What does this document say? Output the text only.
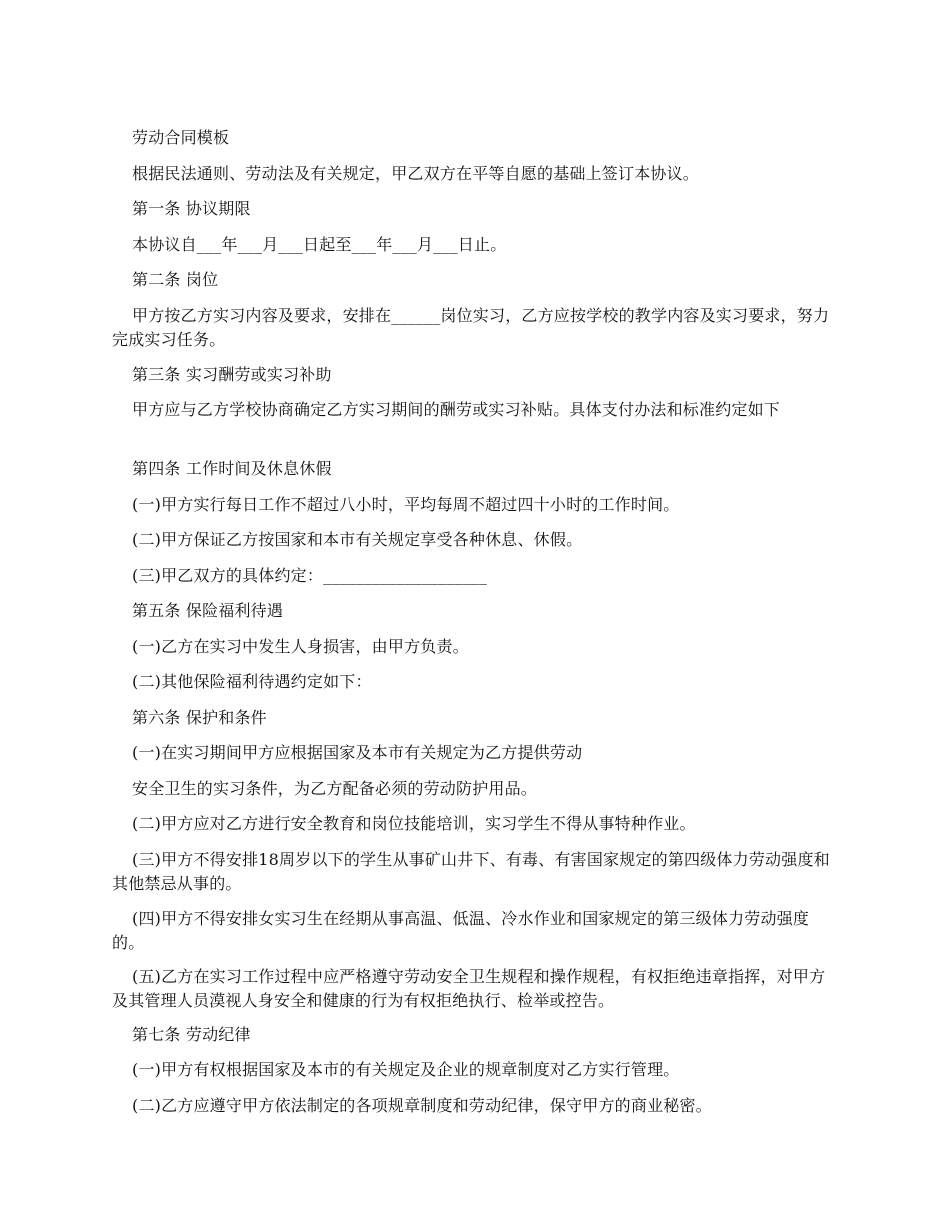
劳动合同模板
根据民法通则、劳动法及有关规定，甲乙双方在平等自愿的基础上签订本协议。
第一条 协议期限
本协议自___年___月___日起至___年___月___日止。
第二条 岗位
甲方按乙方实习内容及要求，安排在______岗位实习，乙方应按学校的教学内容及实习要求，努力完成实习任务。
第三条 实习酬劳或实习补助
甲方应与乙方学校协商确定乙方实习期间的酬劳或实习补贴。具体支付办法和标准约定如下
第四条 工作时间及休息休假
(一)甲方实行每日工作不超过八小时，平均每周不超过四十小时的工作时间。
(二)甲方保证乙方按国家和本市有关规定享受各种休息、休假。
(三)甲乙双方的具体约定：____________________
第五条 保险福利待遇
(一)乙方在实习中发生人身损害，由甲方负责。
(二)其他保险福利待遇约定如下：
第六条 保护和条件
(一)在实习期间甲方应根据国家及本市有关规定为乙方提供劳动
安全卫生的实习条件，为乙方配备必须的劳动防护用品。
(二)甲方应对乙方进行安全教育和岗位技能培训，实习学生不得从事特种作业。
(三)甲方不得安排18周岁以下的学生从事矿山井下、有毒、有害国家规定的第四级体力劳动强度和其他禁忌从事的。
(四)甲方不得安排女实习生在经期从事高温、低温、冷水作业和国家规定的第三级体力劳动强度的。
(五)乙方在实习工作过程中应严格遵守劳动安全卫生规程和操作规程，有权拒绝违章指挥，对甲方及其管理人员漠视人身安全和健康的行为有权拒绝执行、检举或控告。
第七条 劳动纪律
(一)甲方有权根据国家及本市的有关规定及企业的规章制度对乙方实行管理。
(二)乙方应遵守甲方依法制定的各项规章制度和劳动纪律，保守甲方的商业秘密。
